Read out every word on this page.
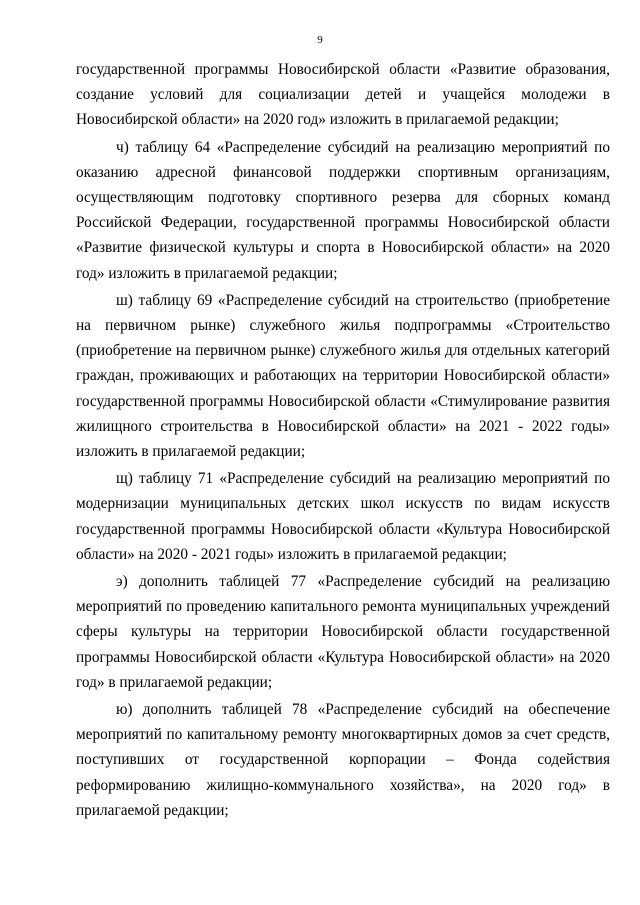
9

государственной программы Новосибирской области «Развитие образования, создание условий для социализации детей и учащейся молодежи в Новосибирской области» на 2020 год» изложить в прилагаемой редакции;

ч) таблицу 64 «Распределение субсидий на реализацию мероприятий по оказанию адресной финансовой поддержки спортивным организациям, осуществляющим подготовку спортивного резерва для сборных команд Российской Федерации, государственной программы Новосибирской области «Развитие физической культуры и спорта в Новосибирской области» на 2020 год» изложить в прилагаемой редакции;

ш) таблицу 69 «Распределение субсидий на строительство (приобретение на первичном рынке) служебного жилья подпрограммы «Строительство (приобретение на первичном рынке) служебного жилья для отдельных категорий граждан, проживающих и работающих на территории Новосибирской области» государственной программы Новосибирской области «Стимулирование развития жилищного строительства в Новосибирской области» на 2021 - 2022 годы» изложить в прилагаемой редакции;

щ) таблицу 71 «Распределение субсидий на реализацию мероприятий по модернизации муниципальных детских школ искусств по видам искусств государственной программы Новосибирской области «Культура Новосибирской области» на 2020 - 2021 годы» изложить в прилагаемой редакции;

э) дополнить таблицей 77 «Распределение субсидий на реализацию мероприятий по проведению капитального ремонта муниципальных учреждений сферы культуры на территории Новосибирской области государственной программы Новосибирской области «Культура Новосибирской области» на 2020 год» в прилагаемой редакции;

ю) дополнить таблицей 78 «Распределение субсидий на обеспечение мероприятий по капитальному ремонту многоквартирных домов за счет средств, поступивших от государственной корпорации – Фонда содействия реформированию жилищно-коммунального хозяйства», на 2020 год» в прилагаемой редакции;
